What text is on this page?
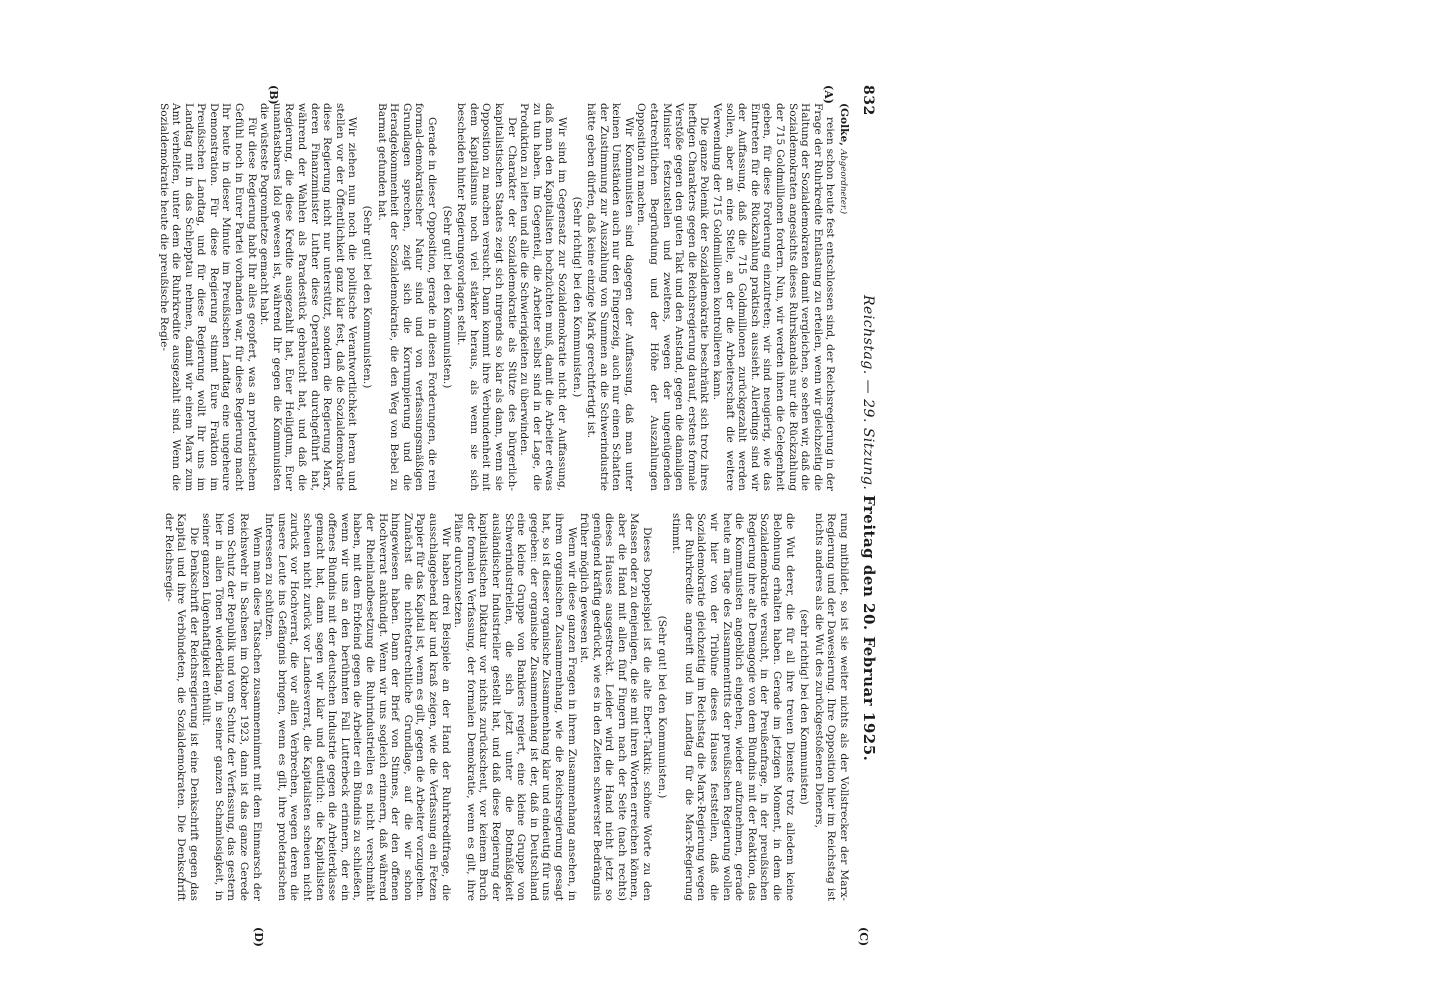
832
Reichstag. — 29. Sitzung.
Freitag den 20. Februar 1925.
(A)
(B)
(C)
(D)

(Golke, Abgeordneter.)

reien schon heute fest entschlossen sind, der Reichsregierung in der Frage der Ruhrkredite Entlastung zu erteilen, wenn wir gleichzeitig die Haltung der Sozialdemokraten damit vergleichen, so sehen wir, daß die Sozialdemokraten angesichts dieses Ruhrskandals nur die Rückzahlung der 715 Goldmillionen fordern. Nun, wir werden ihnen die Gelegenheit geben, für diese Forderung einzutreten; wir sind neugierig, wie das Eintreten für die Rückzahlung praktisch aussieht. Allerdings sind wir der Auffassung, daß die 715 Goldmillionen zurückgezahlt werden sollen, aber an eine Stelle, an der die Arbeiterschaft die weitere Verwendung der 715 Goldmillionen kontrollieren kann.

Die ganze Polemik der Sozialdemokratie beschränkt sich trotz ihres heftigen Charakters gegen die Reichsregierung darauf, erstens formale Verstöße gegen den guten Takt und den Anstand, gegen die damaligen Minister festzustellen und zweitens, wegen der ungenügenden etatrechtlichen Begründung und der Höhe der Auszahlungen Opposition zu machen.

Wir Kommunisten sind dagegen der Auffassung, daß man unter keinen Umständen auch nur den Fingerzeig, auch nur einen Schatten der Zustimmung zur Auszahlung von Summen an die Schwerindustrie hätte geben dürfen, daß keine einzige Mark gerechtfertigt ist.

(Sehr richtig! bei den Kommunisten.)

Wir sind im Gegensatz zur Sozialdemokratie nicht der Auffassung, daß man den Kapitalisten hochzüchten muß, damit die Arbeiter etwas zu tun haben. Im Gegenteil, die Arbeiter selbst sind in der Lage, die Produktion zu leiten und alle die Schwierigkeiten zu überwinden.

Der Charakter der Sozialdemokratie als Stütze des bürgerlich-kapitalistischen Staates zeigt sich nirgends so klar als dann, wenn sie Opposition zu machen versucht. Dann kommt ihre Verbundenheit mit dem Kapitalismus noch viel stärker heraus, als wenn sie sich bescheiden hinter Regierungsvorlagen stellt.

(Sehr gut! bei den Kommunisten.)

Gerade in dieser Opposition, gerade in diesen Forderungen, die rein formal-demokratischer Natur sind und von verfassungsmäßigen Grundlagen sprechen, zeigt sich die Korrumpierung und die Heradgekommenheit der Sozialdemokratie, die den Weg von Bebel zu Barmat gefunden hat.

(Sehr gut! bei den Kommunisten.)

Wir ziehen nun noch die politische Verantwortlichkeit heran und stellen vor der Öffentlichkeit ganz klar fest, daß die Sozialdemokratie diese Regierung nicht nur unterstützt, sondern die Regierung Marx, deren Finanzminister Luther diese Operationen durchgeführt hat, während der Wahlen als Paradestück gebraucht hat, und daß die Regierung, die diese Kredite ausgezahlt hat, Euer Heiligtum, Euer unantastbares Idol gewesen ist, während Ihr gegen die Kommunisten die wüsteste Pogromhetze gemacht habt.

Für diese Regierung habt Ihr alles geopfert, was an proletarischem Gefühl noch in Eurer Partei vorhanden war, für diese Regierung macht Ihr heute in dieser Minute im Preußischen Landtag eine ungeheure Demonstration. Für diese Regierung stimmt Eure Fraktion im Preußischen Landtag, und für diese Regierung wollt Ihr uns im Landtag mit in das Schlepptau nehmen, damit wir einem Marx zum Amt verhelfen, unter dem die Ruhrkredite ausgezahlt sind. Wenn die Sozialdemokratie heute die preußische Regie-

rung mitbildet, so ist sie weiter nichts als der Vollstrecker der Marx-Regierung und der Dawesierung. Ihre Opposition hier im Reichstag ist nichts anderes als die Wut des zurückgestoßenen Dieners,

(sehr richtig! bei den Kommunisten)

die Wut derer, die für all ihre treuen Dienste trotz alledem keine Belohnung erhalten haben. Gerade im jetzigen Moment, in dem die Sozialdemokratie versucht, in der Preußenfrage, in der preußischen Regierung ihre alte Demagogie von dem Bündnis mit der Reaktion, das die Kommunisten angeblich eingehen, wieder aufzunehmen, gerade heute am Tage des Zusammentritts der preußischen Regierung wollen wir hier von der Tribüne dieses Hauses feststellen, daß die Sozialdemokratie gleichzeitig im Reichstag die Marx-Regierung wegen der Ruhrkredite angreift und im Landtag für die Marx-Regierung stimmt.

(Sehr gut! bei den Kommunisten.)

Dieses Doppelspiel ist die alte Ebert-Taktik: schöne Worte zu den Massen oder zu denjenigen, die sie mit ihren Worten erreichen können, aber die Hand mit allen fünf Fingern nach der Seite (nach rechts) dieses Hauses ausgestreckt. Leider wird die Hand nicht jetzt so genügend kräftig gedrückt, wie es in den Zeiten schwerster Bedrängnis früher möglich gewesen ist.

Wenn wir diese ganzen Fragen in ihrem Zusammenhang ansehen, in ihrem organischen Zusammenhang, wie die Reichsregierung gesagt hat, so ist dieser organische Zusammenhang klar und eindeutig für uns gegeben: der organische Zusammenhang ist der, daß in Deutschland eine kleine Gruppe von Bankiers regiert, eine kleine Gruppe von Schwerindustriellen, die sich jetzt unter die Botmäßigkeit ausländischer Industrieller gestellt hat, und daß diese Regierung der kapitalistischen Diktatur vor nichts zurückscheut, vor keinem Bruch der formalen Verfassung, der formalen Demokratie, wenn es gilt, ihre Pläne durchzusetzen.

Wir haben drei Beispiele an der Hand der Ruhrkreditfrage, die ausschlaggebend klar und kraß zeigen, wie die Verfassung ein Fetzen Papier für das Kapital ist, wenn es gilt, gegen die Arbeiter vorzugehen. Zunächst die nichtetatrechtliche Grundlage, auf die wir schon hingewiesen haben. Dann der Brief von Stinnes, der den offenen Hochverrat ankündigt. Wenn wir uns sogleich erinnern, daß während der Rheinlandbesetzung die Ruhrindustriellen es nicht verschmäht haben, mit dem Erbfeind gegen die Arbeiter ein Bündnis zu schließen, wenn wir uns an den berühmten Fall Lutterbeck erinnern, der ein offenes Bündnis mit der deutschen Industrie gegen die Arbeiterklasse gemacht hat, dann sagen wir klar und deutlich: die Kapitalisten scheuen nicht zurück vor Landesverrat, die Kapitalisten scheuen nicht zurück vor Hochverrat, die vor allen Verbrechen, wegen deren die unsere Leute ins Gefängnis bringen, wenn es gilt, ihre proletarischen Interessen zu schützen.

Wenn man diese Tatsachen zusammennimmt mit dem Einmarsch der Reichswehr in Sachsen im Oktober 1923, dann ist das ganze Gerede vom Schutz der Republik und vom Schutz der Verfassung, das gestern hier in allen Tönen wiederklang, in seiner ganzen Schamlosigkeit, in seiner ganzen Lügenhaftigkeit enthüllt.

Die Denkschrift der Reichsregierung ist eine Denkschrift gegen das Kapital und ihre Verbündeten, die Sozialdemokraten. Die Denkschrift der Reichsregie-
